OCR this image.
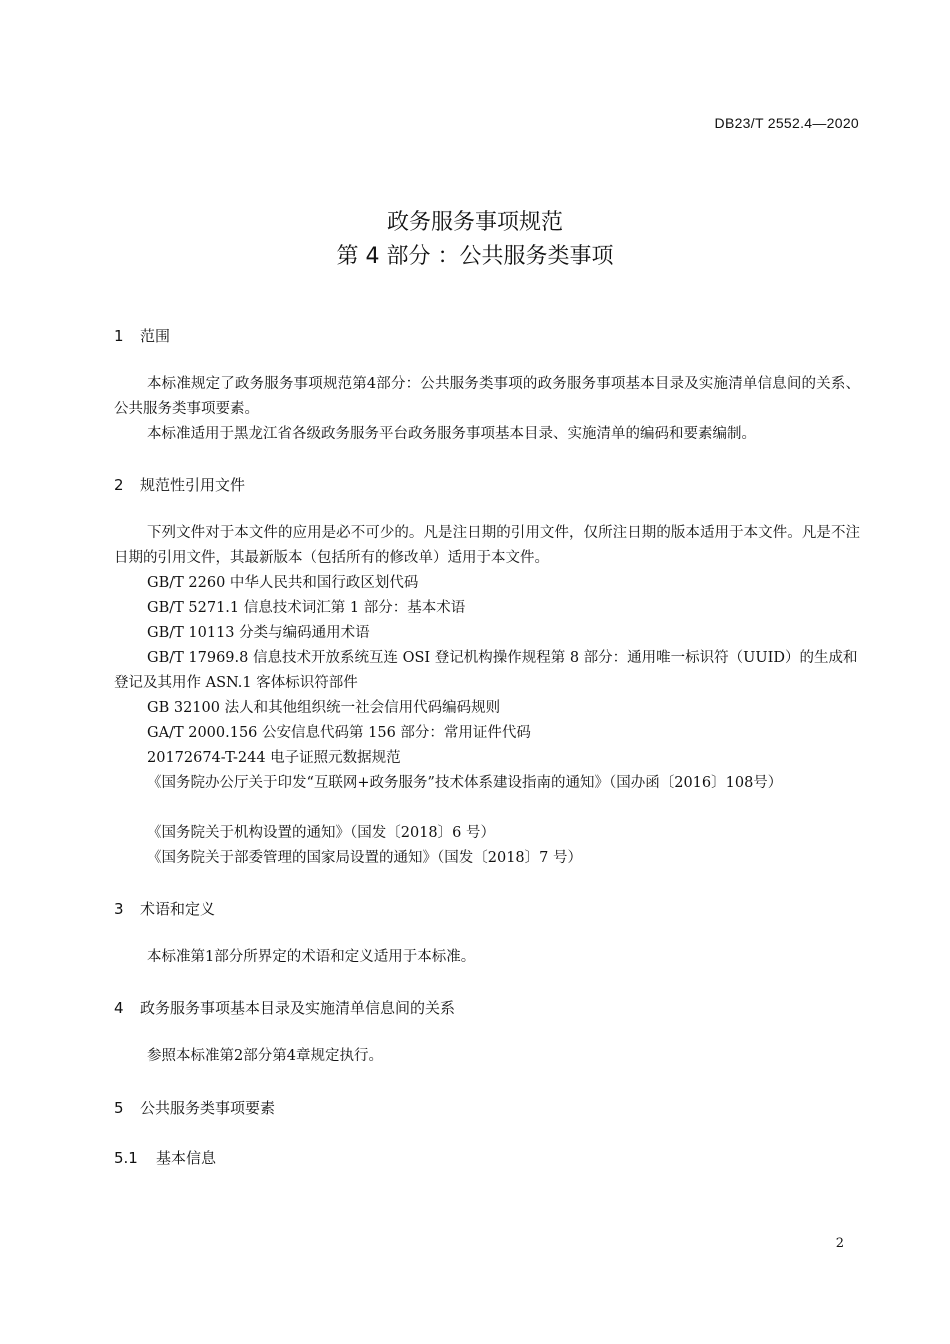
DB23/T 2552.4—2020
政务服务事项规范
第 4 部分 ：公共服务类事项
1 范围
本标准规定了政务服务事项规范第4部分：公共服务类事项的政务服务事项基本目录及实施清单信息间的关系、公共服务类事项要素。
本标准适用于黑龙江省各级政务服务平台政务服务事项基本目录、实施清单的编码和要素编制。
2 规范性引用文件
下列文件对于本文件的应用是必不可少的。凡是注日期的引用文件，仅所注日期的版本适用于本文件。凡是不注日期的引用文件，其最新版本（包括所有的修改单）适用于本文件。
GB/T 2260 中华人民共和国行政区划代码
GB/T 5271.1 信息技术词汇第 1 部分：基本术语
GB/T 10113 分类与编码通用术语
GB/T 17969.8 信息技术开放系统互连 OSI 登记机构操作规程第 8 部分：通用唯一标识符（UUID）的生成和登记及其用作 ASN.1 客体标识符部件
GB 32100 法人和其他组织统一社会信用代码编码规则
GA/T 2000.156 公安信息代码第 156 部分：常用证件代码
20172674-T-244 电子证照元数据规范
《国务院办公厅关于印发“互联网+政务服务”技术体系建设指南的通知》（国办函〔2016〕108号）
《国务院关于机构设置的通知》（国发〔2018〕6 号）
《国务院关于部委管理的国家局设置的通知》（国发〔2018〕7 号）
3 术语和定义
本标准第1部分所界定的术语和定义适用于本标准。
4 政务服务事项基本目录及实施清单信息间的关系
参照本标准第2部分第4章规定执行。
5 公共服务类事项要素
5.1 基本信息
2
